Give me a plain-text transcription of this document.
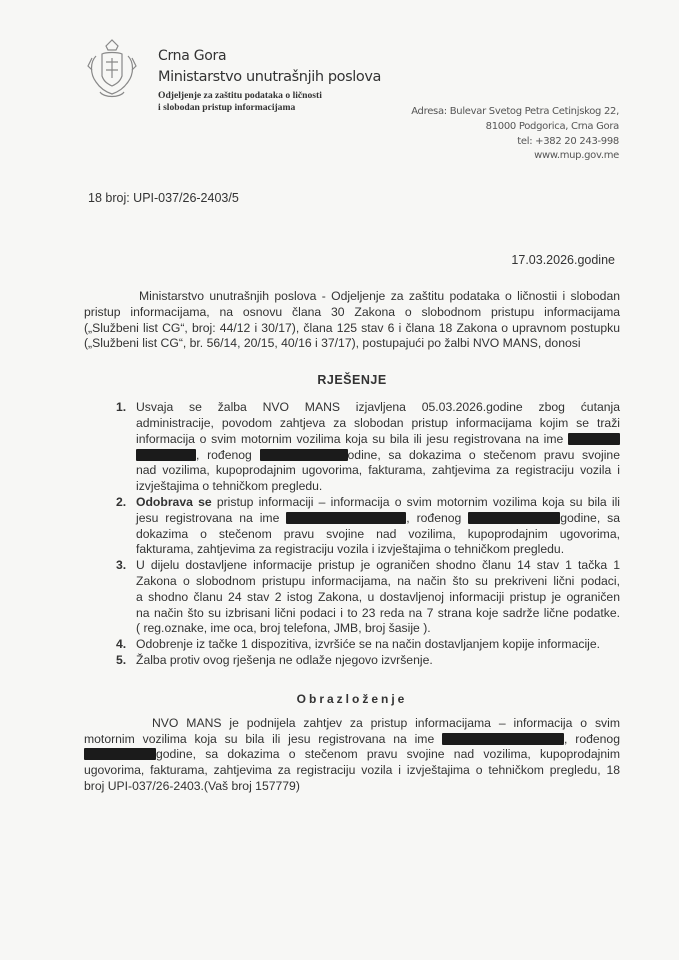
Crna Gora
Ministarstvo unutrašnjih poslova
Odjeljenje za zaštitu podataka o ličnosti
i slobodan pristup informacijama	Adresa: Bulevar Svetog Petra Cetinjskog 22,
81000 Podgorica, Crna Gora
tel: +382 20 243-998
www.mup.gov.me
18 broj: UPI-037/26-2403/5
17.03.2026.godine
Ministarstvo unutrašnjih poslova - Odjeljenje za zaštitu podataka o ličnostii i slobodan
pristup informacijama, na osnovu člana 30 Zakona o slobodnom pristupu informacijama
(„Službeni list CG“, broj: 44/12 i 30/17), člana 125 stav 6 i člana 18 Zakona o upravnom postupku
(„Službeni list CG“, br. 56/14, 20/15, 40/16 i 37/17), postupajući po žalbi NVO MANS, donosi
RJEŠENJE
1. Usvaja se žalba NVO MANS izjavljena 05.03.2026.godine zbog ćutanja
administracije, povodom zahtjeva za slobodan pristup informacijama kojim se traži
informacija o svim motornim vozilima koja su bila ili jesu registrovana na ime
, rođenog	odine, sa dokazima o stečenom pravu svojine
nad vozilima, kupoprodajnim ugovorima, fakturama, zahtjevima za registraciju vozila i
izvještajima o tehničkom pregledu.
2. Odobrava se pristup informaciji – informacija o svim motornim vozilima koja su bila ili
jesu registrovana na ime	, rođenog	godine, sa
dokazima o stečenom pravu svojine nad vozilima, kupoprodajnim ugovorima,
fakturama, zahtjevima za registraciju vozila i izvještajima o tehničkom pregledu.
3. U dijelu dostavljene informacije pristup je ograničen shodno članu 14 stav 1 tačka 1
Zakona o slobodnom pristupu informacijama, na način što su prekriveni lični podaci,
a shodno članu 24 stav 2 istog Zakona, u dostavljenoj informaciji pristup je ograničen
na način što su izbrisani lični podaci i to 23 reda na 7 strana koje sadrže lične podatke.
( reg.oznake, ime oca, broj telefona, JMB, broj šasije ).
4. Odobrenje iz tačke 1 dispozitiva, izvršiće se na način dostavljanjem kopije informacije.
5. Žalba protiv ovog rješenja ne odlaže njegovo izvršenje.
Obrazloženje
NVO MANS je podnijela zahtjev za pristup informacijama – informacija o svim
motornim vozilima koja su bila ili jesu registrovana na ime	, rođenog
godine, sa dokazima o stečenom pravu svojine nad vozilima, kupoprodajnim
ugovorima, fakturama, zahtjevima za registraciju vozila i izvještajima o tehničkom pregledu, 18
broj UPI-037/26-2403.(Vaš broj 157779)
